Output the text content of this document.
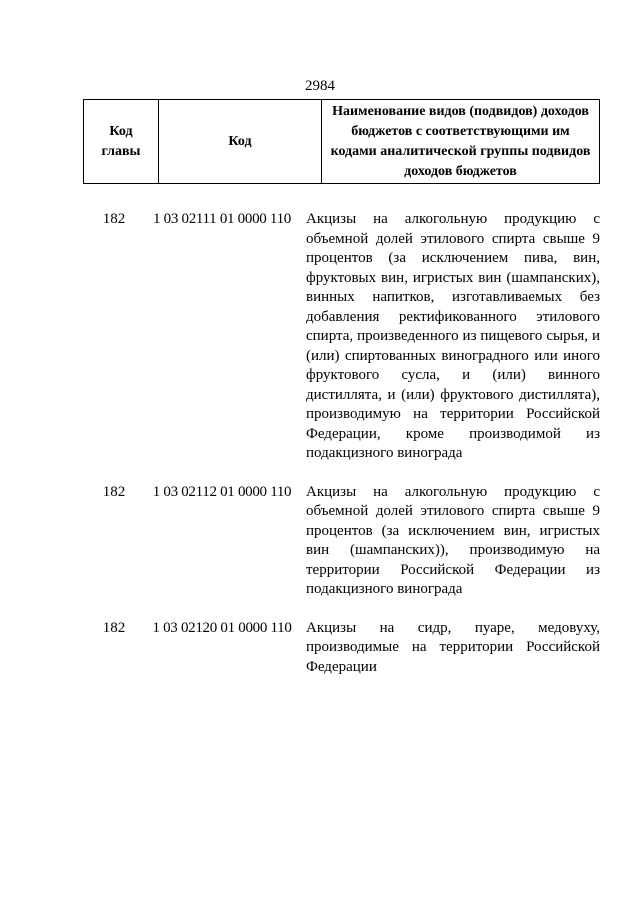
2984
Код главы	Код	Наименование видов (подвидов) доходов бюджетов с соответствующими им кодами аналитической группы подвидов доходов бюджетов
182	1 03 02111 01 0000 110	Акцизы на алкогольную продукцию с объемной долей этилового спирта свыше 9 процентов (за исключением пива, вин, фруктовых вин, игристых вин (шампанских), винных напитков, изготавливаемых без добавления ректификованного этилового спирта, произведенного из пищевого сырья, и (или) спиртованных виноградного или иного фруктового сусла, и (или) винного дистиллята, и (или) фруктового дистиллята), производимую на территории Российской Федерации, кроме производимой из подакцизного винограда
182	1 03 02112 01 0000 110 Акцизы на алкогольную продукцию с объемной долей этилового спирта свыше 9 процентов (за исключением вин, игристых вин (шампанских)), производимую на территории Российской Федерации из подакцизного винограда
182	1 03 02120 01 0000 110 Акцизы на сидр, пуаре, медовуху, производимые на территории Российской Федерации
